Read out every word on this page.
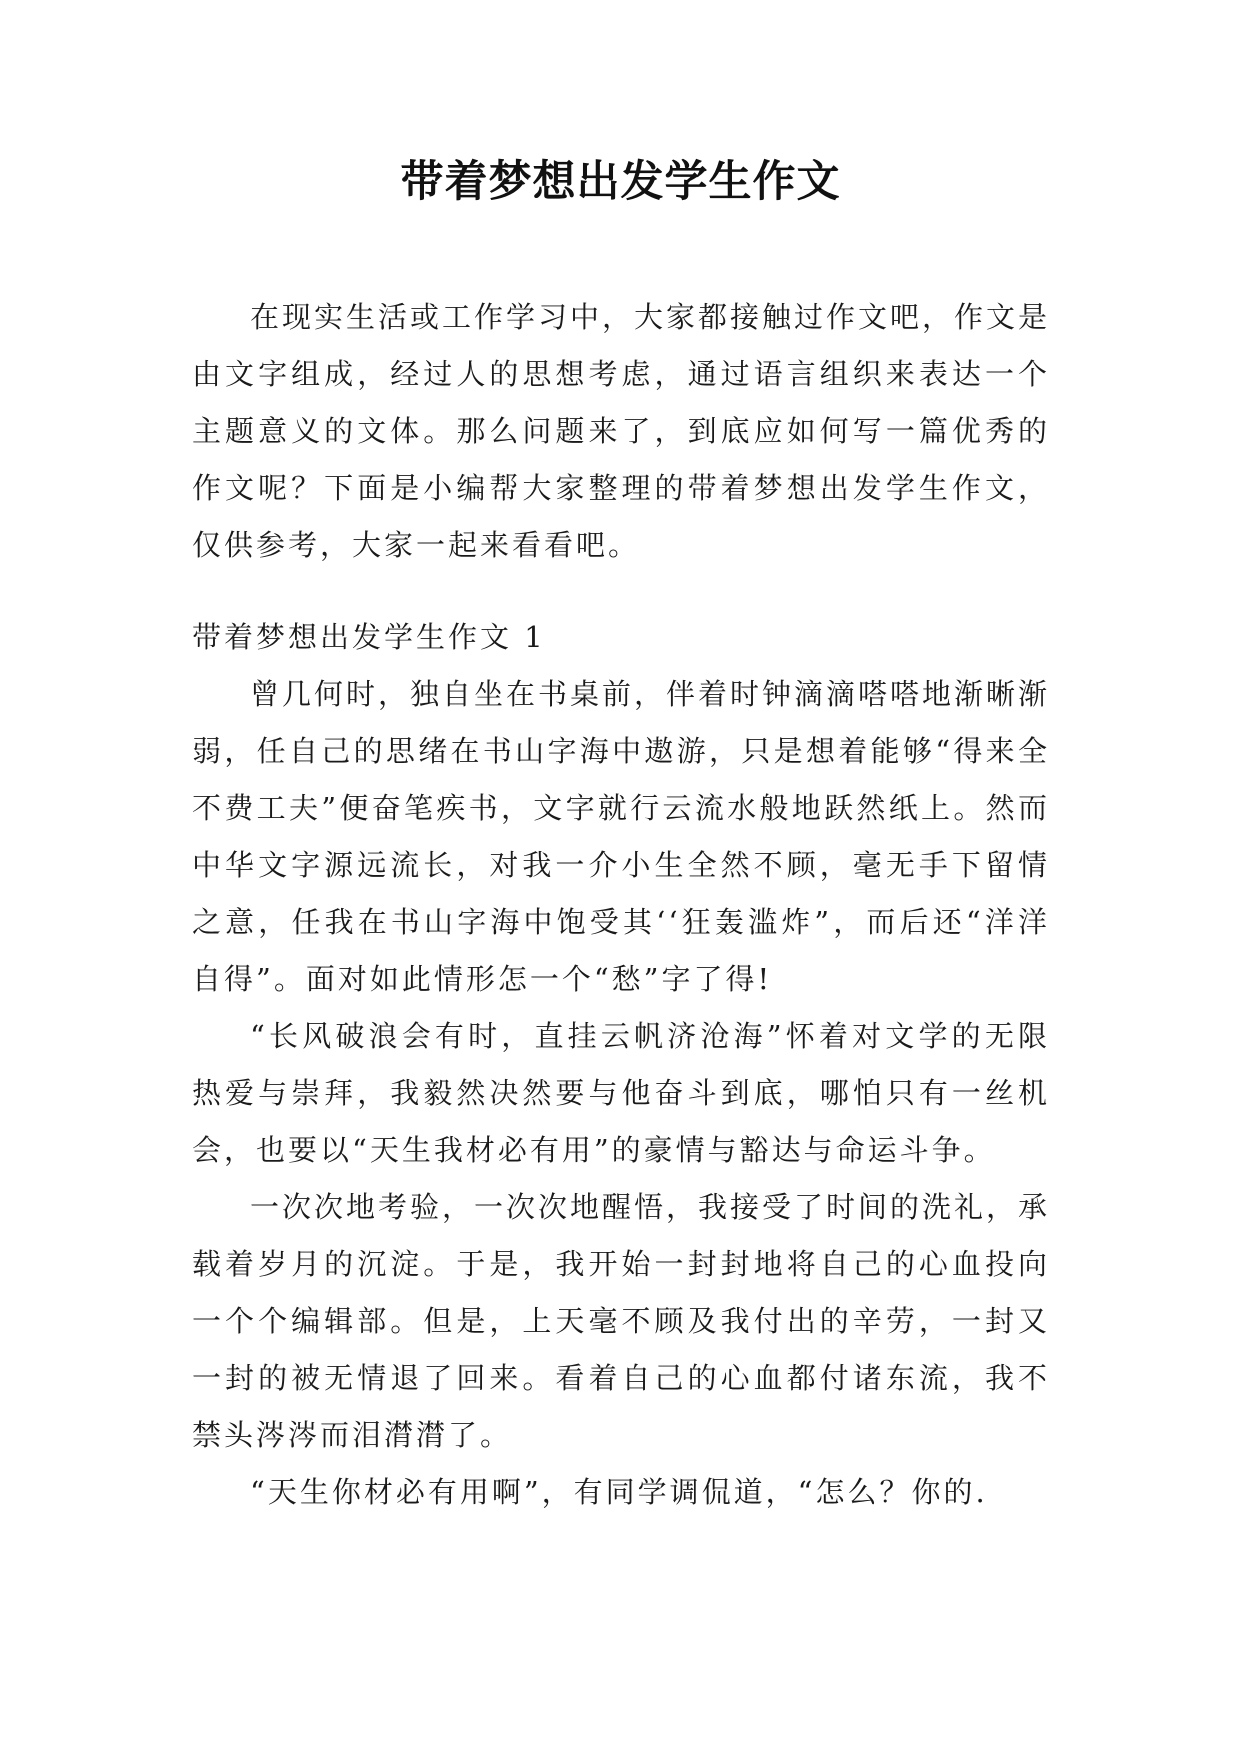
带着梦想出发学生作文

在现实生活或工作学习中，大家都接触过作文吧，作文是由文字组成，经过人的思想考虑，通过语言组织来表达一个主题意义的文体。那么问题来了，到底应如何写一篇优秀的作文呢？下面是小编帮大家整理的带着梦想出发学生作文，仅供参考，大家一起来看看吧。

带着梦想出发学生作文 1

曾几何时，独自坐在书桌前，伴着时钟滴滴嗒嗒地渐晰渐弱，任自己的思绪在书山字海中遨游，只是想着能够“得来全不费工夫”便奋笔疾书，文字就行云流水般地跃然纸上。然而中华文字源远流长，对我一介小生全然不顾，毫无手下留情之意，任我在书山字海中饱受其‘‘狂轰滥炸”，而后还“洋洋自得”。面对如此情形怎一个“愁”字了得!

“长风破浪会有时，直挂云帆济沧海”怀着对文学的无限热爱与崇拜，我毅然决然要与他奋斗到底，哪怕只有一丝机会，也要以“天生我材必有用”的豪情与豁达与命运斗争。

一次次地考验，一次次地醒悟，我接受了时间的洗礼，承载着岁月的沉淀。于是，我开始一封封地将自己的心血投向一个个编辑部。但是，上天毫不顾及我付出的辛劳，一封又一封的被无情退了回来。看着自己的心血都付诸东流，我不禁头涔涔而泪潸潸了。

“天生你材必有用啊”，有同学调侃道，“怎么？你的.
